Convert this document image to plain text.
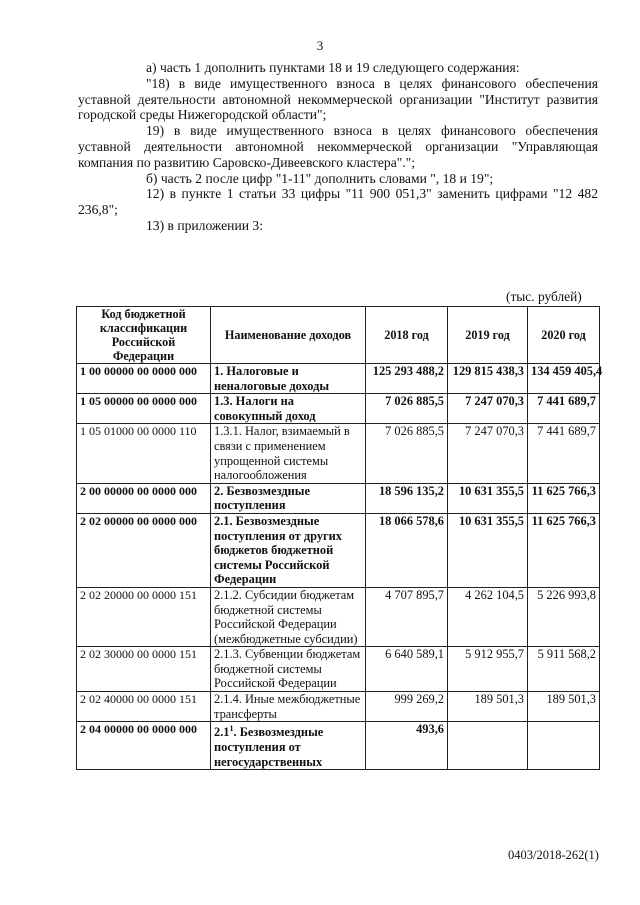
3

а) часть 1 дополнить пунктами 18 и 19 следующего содержания:

"18) в виде имущественного взноса в целях финансового обеспечения уставной деятельности автономной некоммерческой организации "Институт развития городской среды Нижегородской области";

19) в виде имущественного взноса в целях финансового обеспечения уставной деятельности автономной некоммерческой организации "Управляющая компания по развитию Саровско-Дивеевского кластера".";

б) часть 2 после цифр "1-11" дополнить словами ", 18 и 19";

12) в пункте 1 статьи 33 цифры "11 900 051,3" заменить цифрами "12 482 236,8";

13) в приложении 3:

(тыс. рублей)
Код бюджетной классификации Российской Федерации	Наименование доходов	2018 год	2019 год	2020 год
1 00 00000 00 0000 000	1. Налоговые и неналоговые доходы	125 293 488,2	129 815 438,3	134 459 405,4
1 05 00000 00 0000 000	1.3. Налоги на совокупный доход	7 026 885,5	7 247 070,3	7 441 689,7
1 05 01000 00 0000 110	1.3.1. Налог, взимаемый в связи с применением упрощенной системы налогообложения	7 026 885,5	7 247 070,3	7 441 689,7
2 00 00000 00 0000 000	2. Безвозмездные поступления	18 596 135,2	10 631 355,5	11 625 766,3
2 02 00000 00 0000 000	2.1. Безвозмездные поступления от других бюджетов бюджетной системы Российской Федерации	18 066 578,6	10 631 355,5	11 625 766,3
2 02 20000 00 0000 151	2.1.2. Субсидии бюджетам бюджетной системы Российской Федерации (межбюджетные субсидии)	4 707 895,7	4 262 104,5	5 226 993,8
2 02 30000 00 0000 151	2.1.3. Субвенции бюджетам бюджетной системы Российской Федерации	6 640 589,1	5 912 955,7	5 911 568,2
2 02 40000 00 0000 151	2.1.4. Иные межбюджетные трансферты	999 269,2	189 501,3	189 501,3
2 04 00000 00 0000 000	$2.1^1$. Безвозмездные поступления от негосударственных	493,6		
0403/2018-262(1)
